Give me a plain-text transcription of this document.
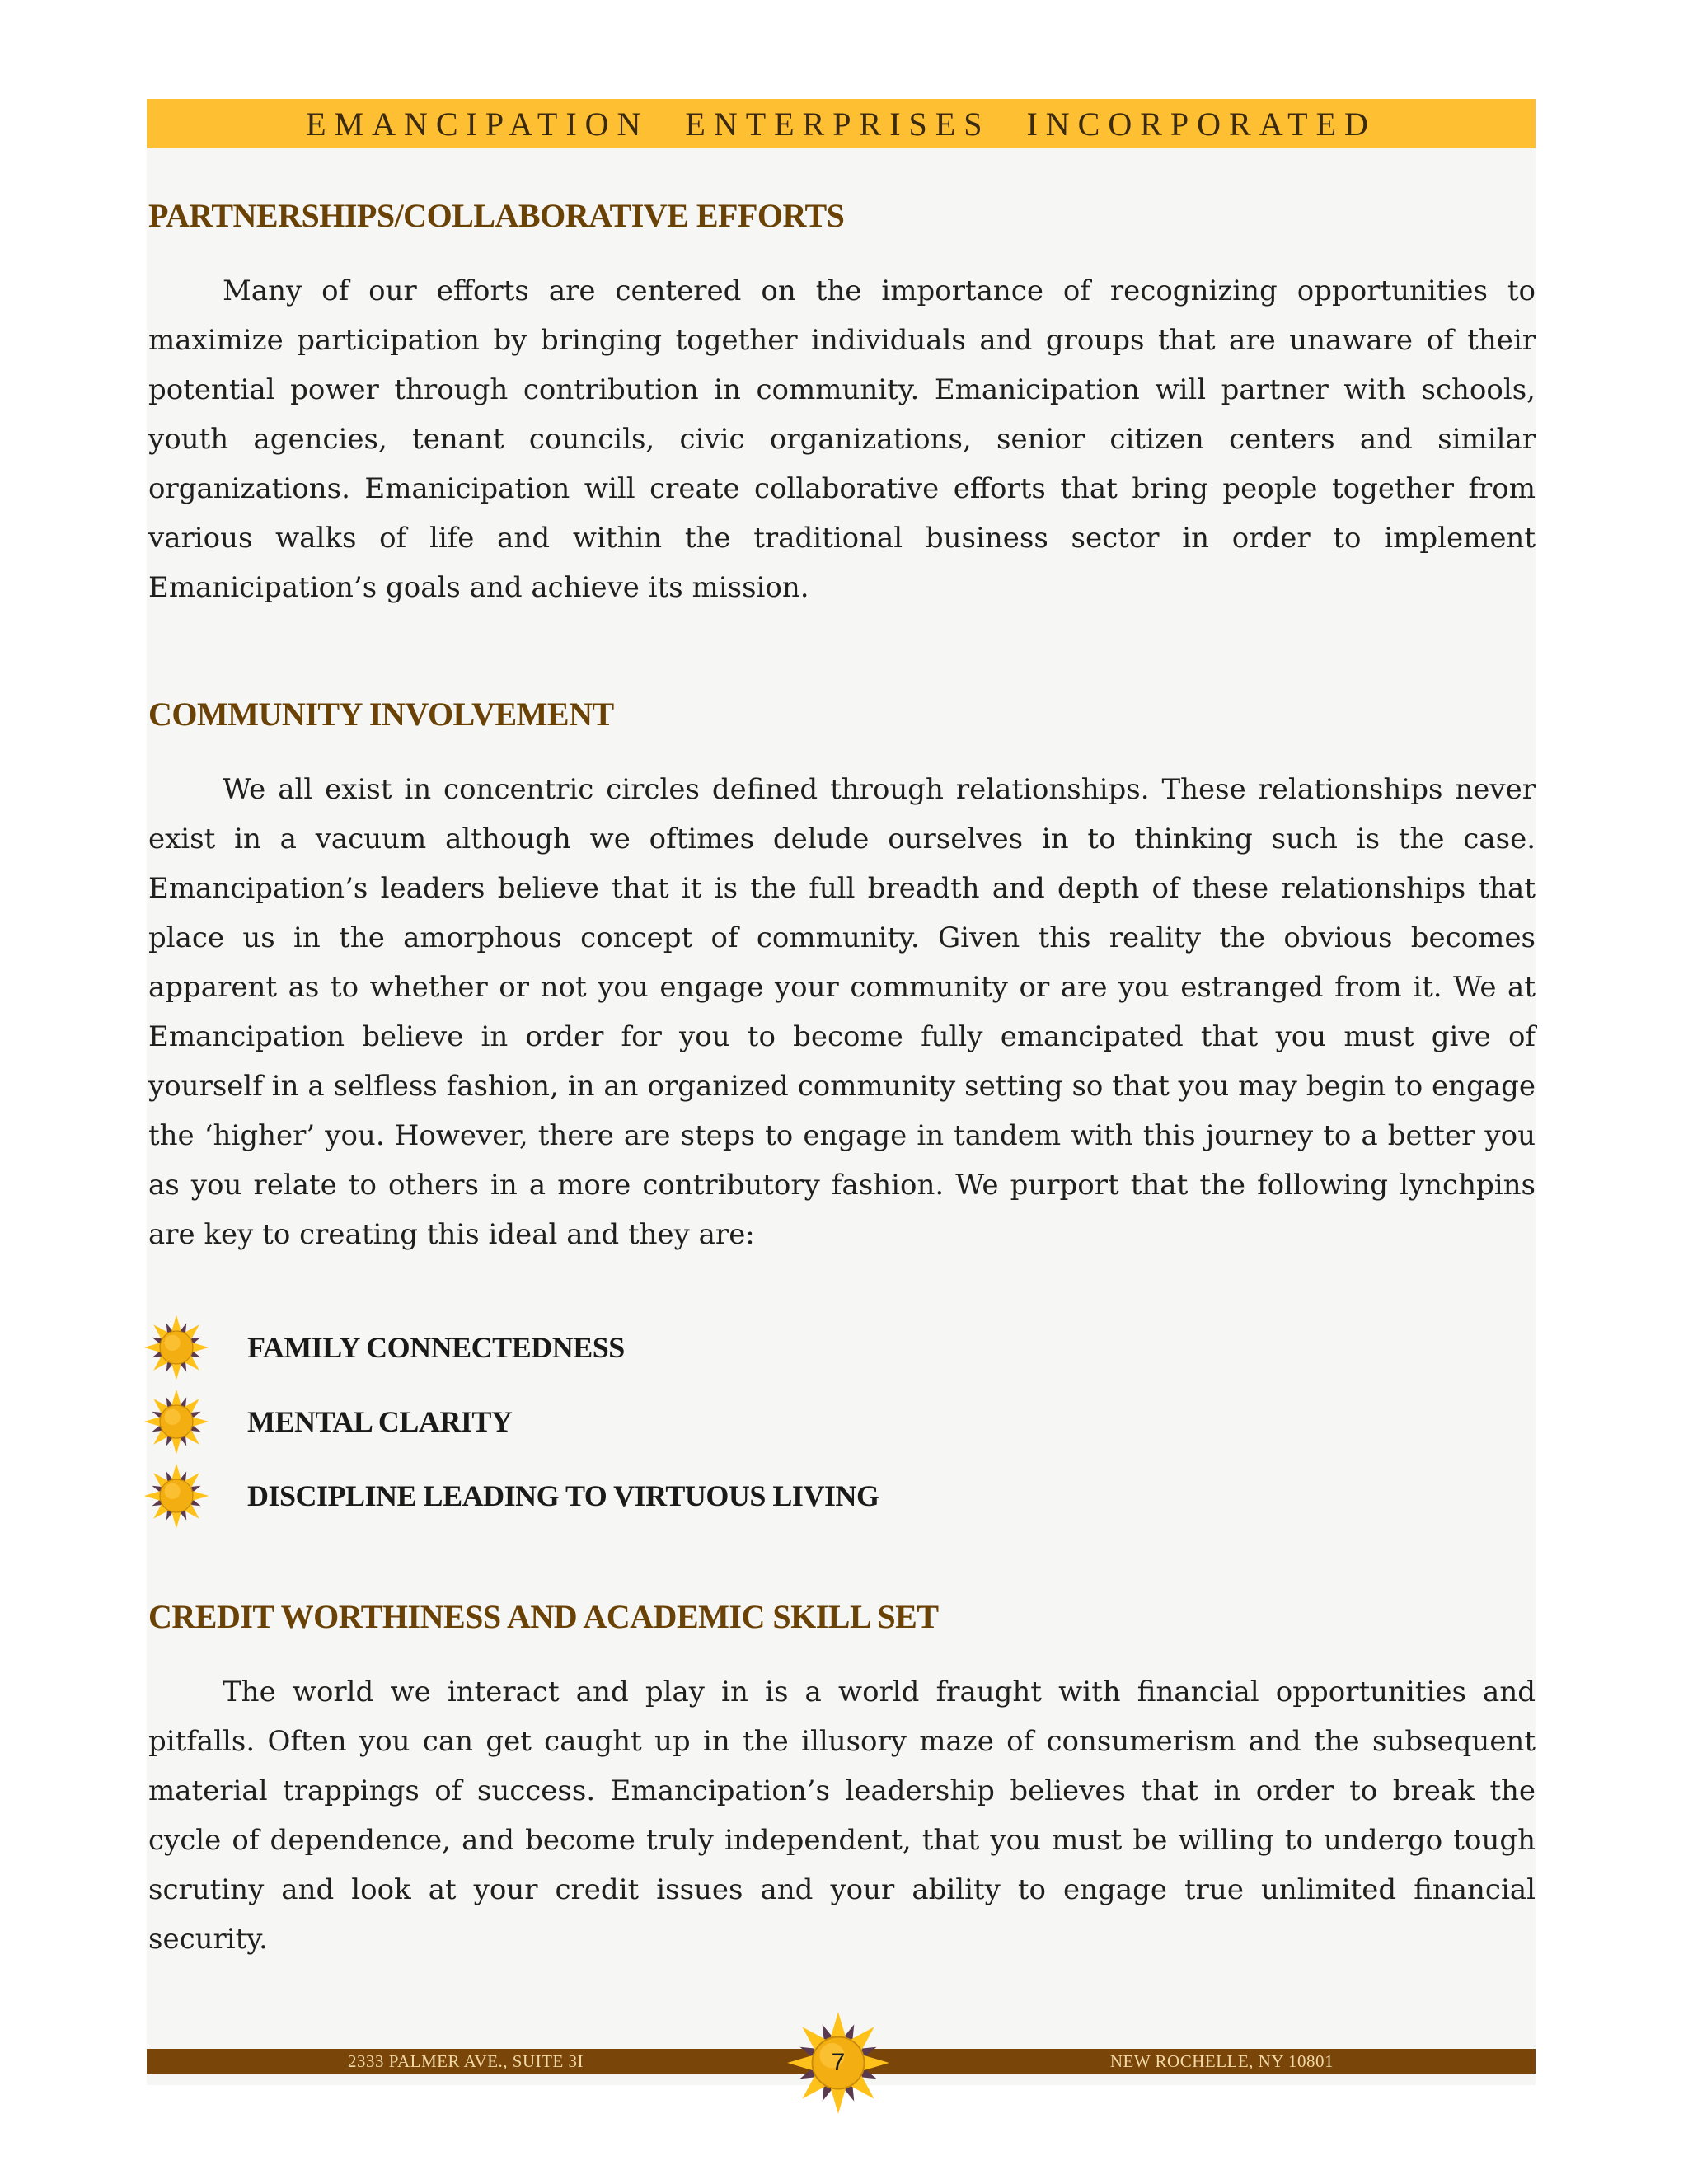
EMANCIPATION ENTERPRISES INCORPORATED
PARTNERSHIPS/COLLABORATIVE EFFORTS

Many of our efforts are centered on the importance of recognizing opportunities to maximize participation by bringing together individuals and groups that are unaware of their potential power through contribution in community. Emanicipation will partner with schools, youth agencies, tenant councils, civic organizations, senior citizen centers and similar organizations. Emanicipation will create collaborative efforts that bring people together from various walks of life and within the traditional business sector in order to implement Emanicipation’s goals and achieve its mission.

COMMUNITY INVOLVEMENT

We all exist in concentric circles defined through relationships. These relationships never exist in a vacuum although we oftimes delude ourselves in to thinking such is the case. Emancipation’s leaders believe that it is the full breadth and depth of these relationships that place us in the amorphous concept of community. Given this reality the obvious becomes apparent as to whether or not you engage your community or are you estranged from it. We at Emancipation believe in order for you to become fully emancipated that you must give of yourself in a selfless fashion, in an organized community setting so that you may begin to engage the ‘higher’ you. However, there are steps to engage in tandem with this journey to a better you as you relate to others in a more contributory fashion. We purport that the following lynchpins are key to creating this ideal and they are:

FAMILY CONNECTEDNESS
MENTAL CLARITY
DISCIPLINE LEADING TO VIRTUOUS LIVING
CREDIT WORTHINESS AND ACADEMIC SKILL SET

The world we interact and play in is a world fraught with financial opportunities and pitfalls. Often you can get caught up in the illusory maze of consumerism and the subsequent material trappings of success. Emancipation’s leadership believes that in order to break the cycle of dependence, and become truly independent, that you must be willing to undergo tough scrutiny and look at your credit issues and your ability to engage true unlimited financial security.

2333 PALMER AVE., SUITE 3I	NEW ROCHELLE, NY 10801
7
